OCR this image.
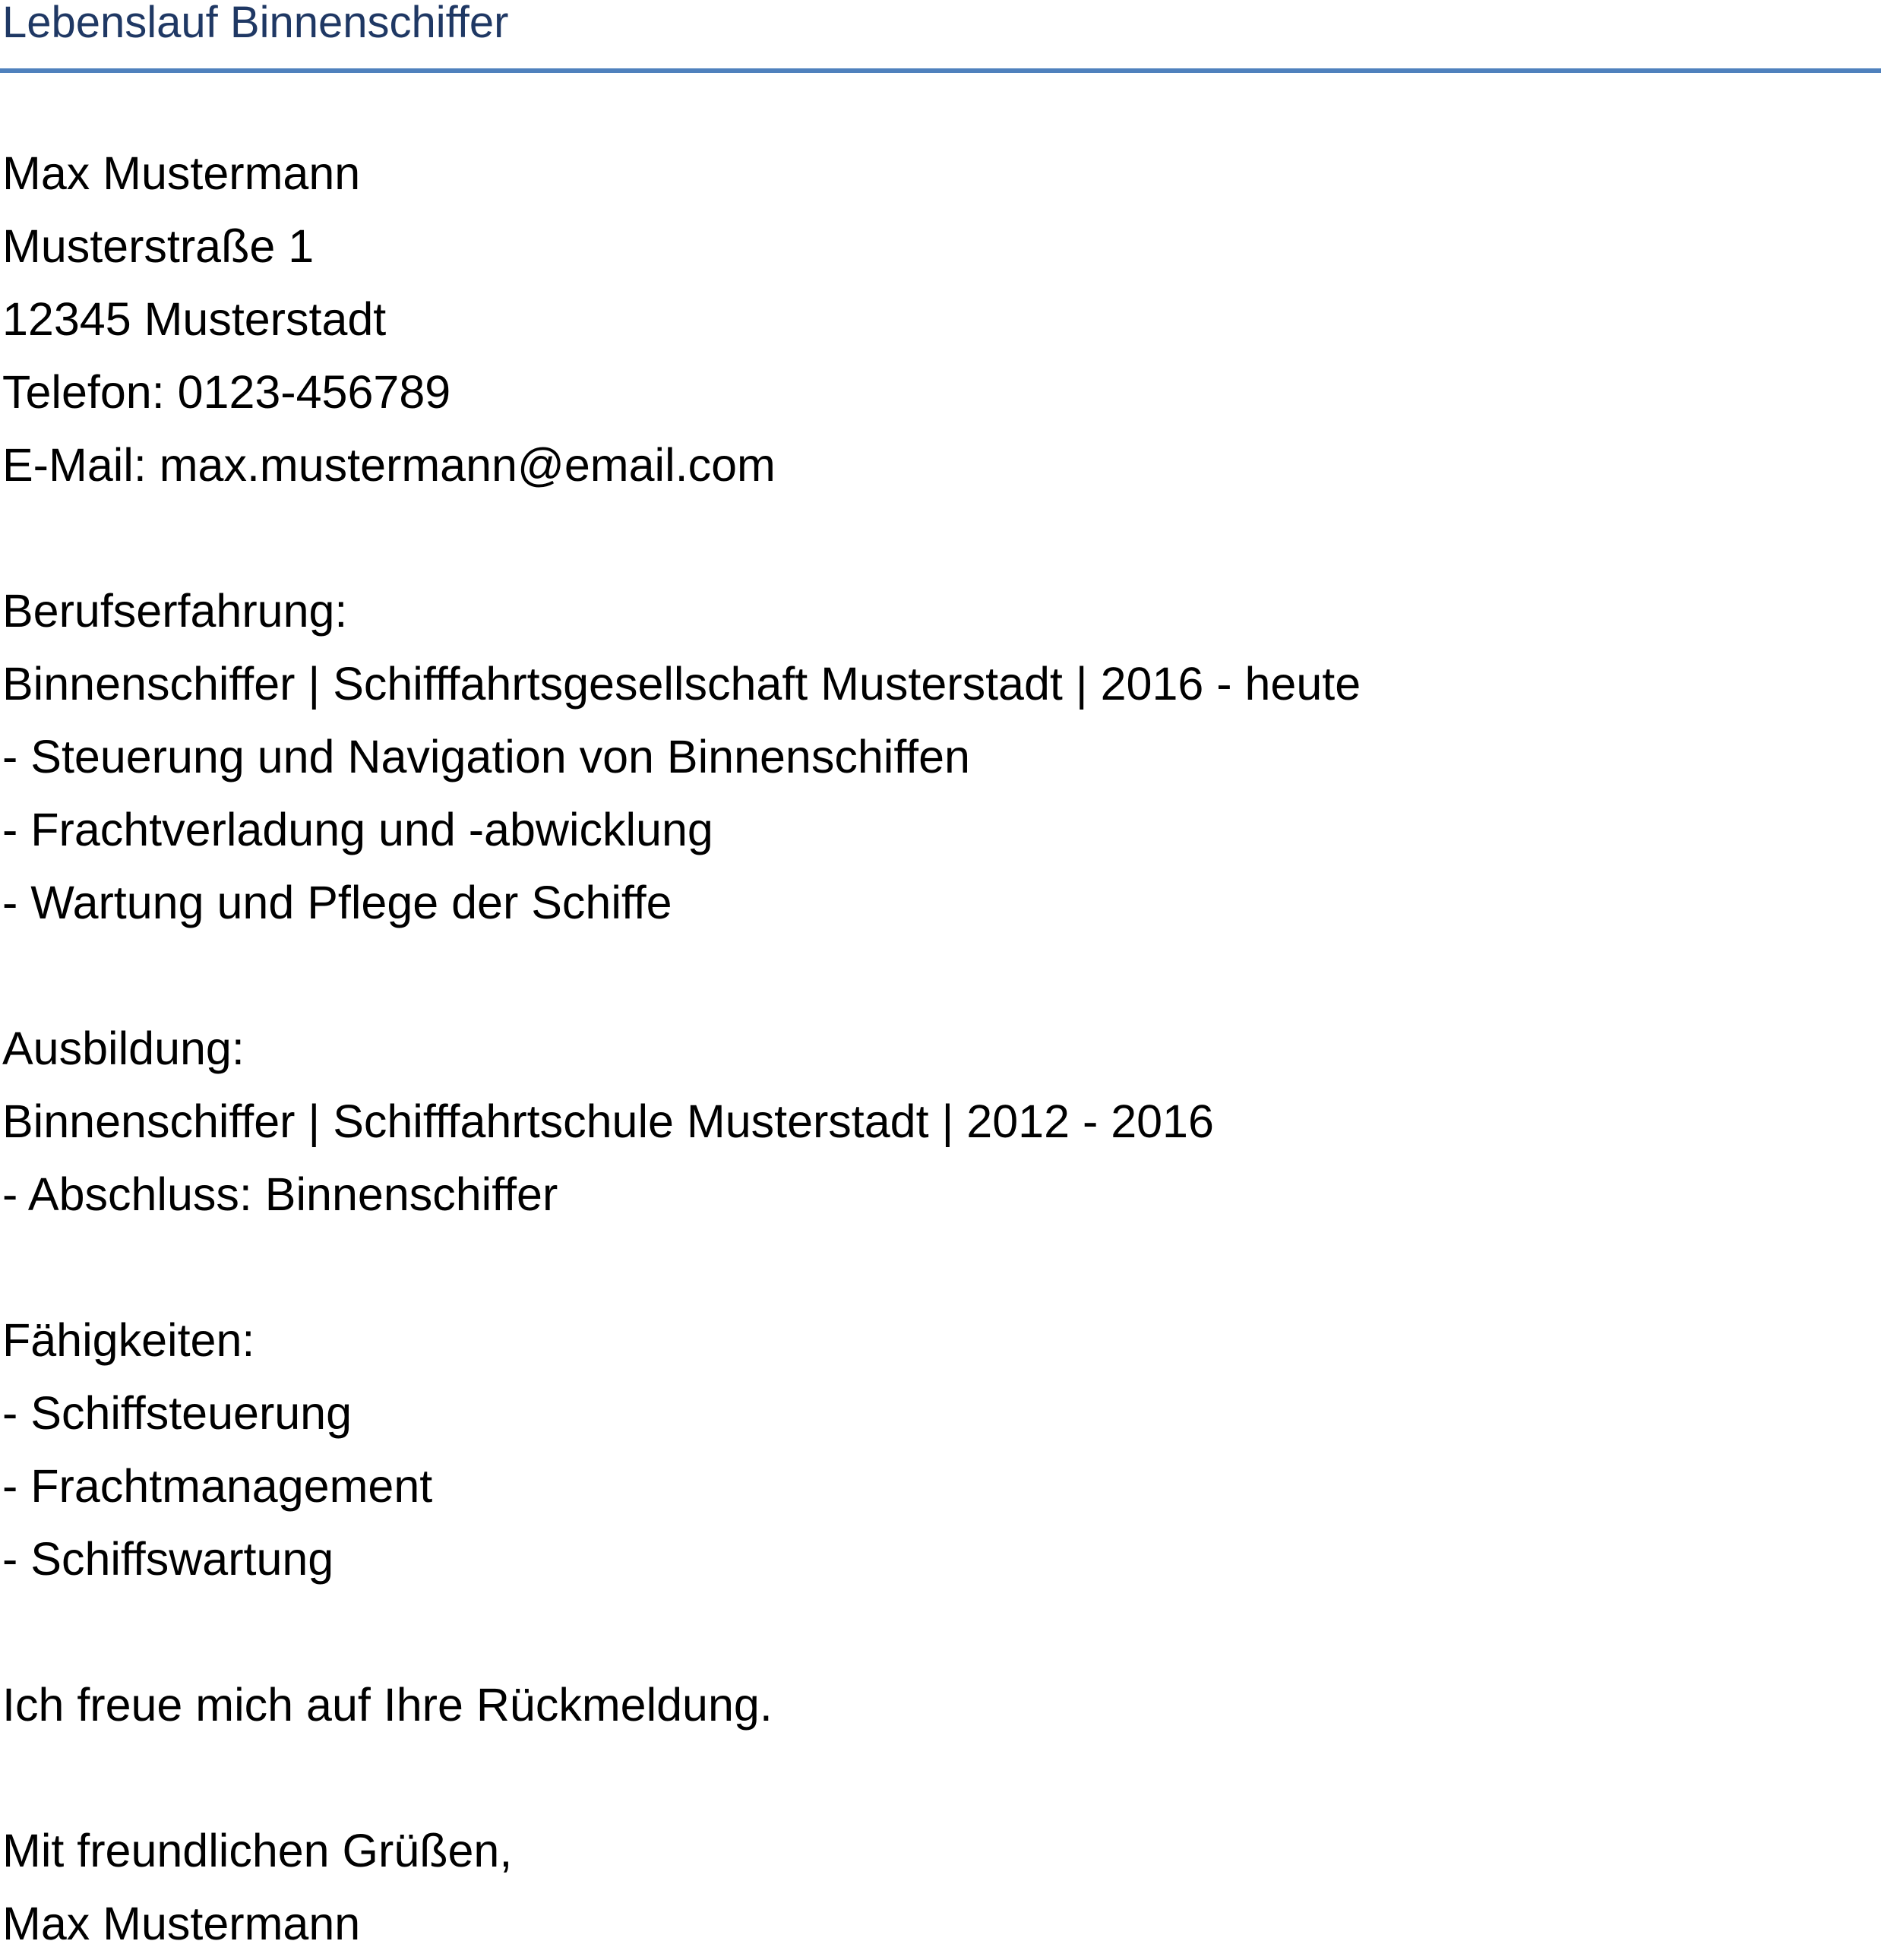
Lebenslauf Binnenschiffer
Max Mustermann
Musterstraße 1
12345 Musterstadt
Telefon: 0123-456789
E-Mail: max.mustermann@email.com
Berufserfahrung:
Binnenschiffer | Schifffahrtsgesellschaft Musterstadt | 2016 - heute
- Steuerung und Navigation von Binnenschiffen
- Frachtverladung und -abwicklung
- Wartung und Pflege der Schiffe
Ausbildung:
Binnenschiffer | Schifffahrtschule Musterstadt | 2012 - 2016
- Abschluss: Binnenschiffer
Fähigkeiten:
- Schiffsteuerung
- Frachtmanagement
- Schiffswartung
Ich freue mich auf Ihre Rückmeldung.
Mit freundlichen Grüßen,
Max Mustermann
